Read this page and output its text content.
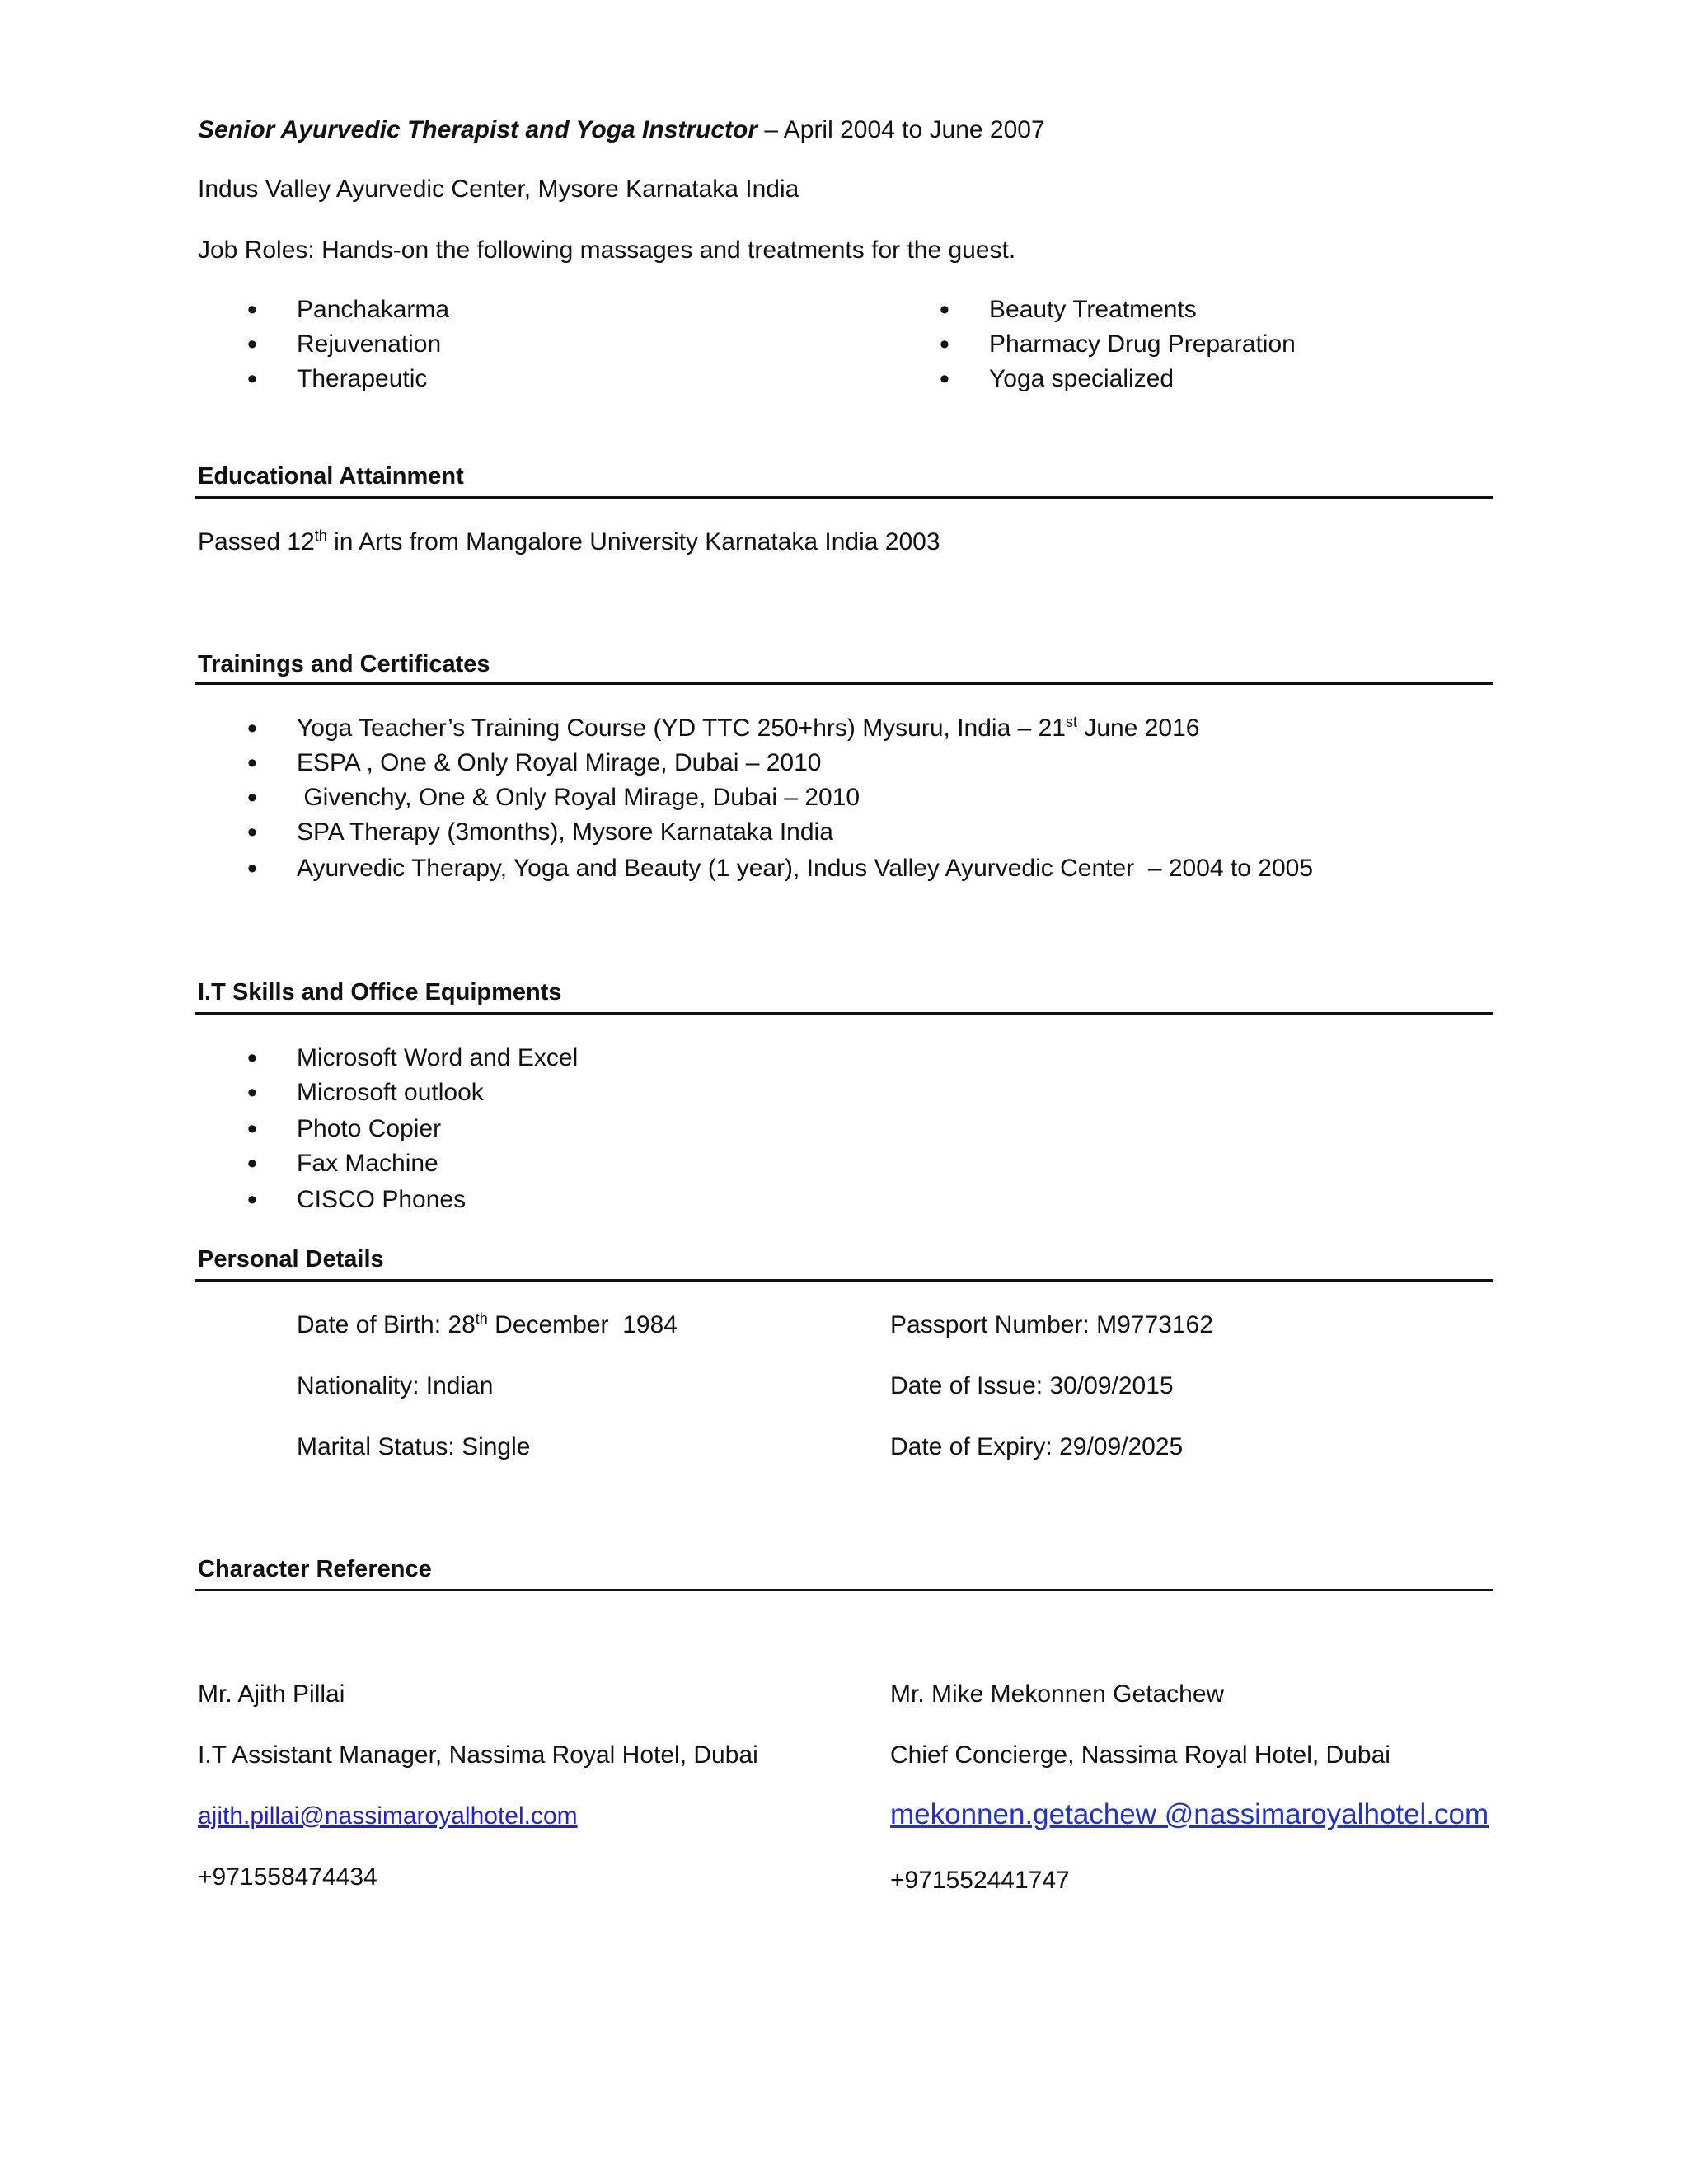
Senior Ayurvedic Therapist and Yoga Instructor – April 2004 to June 2007
Indus Valley Ayurvedic Center, Mysore Karnataka India
Job Roles: Hands-on the following massages and treatments for the guest.
•
Panchakarma
•
Rejuvenation
•
Therapeutic
•
Beauty Treatments
•
Pharmacy Drug Preparation
•
Yoga specialized
Educational Attainment
Passed 12th in Arts from Mangalore University Karnataka India 2003
Trainings and Certificates
•
Yoga Teacher’s Training Course (YD TTC 250+hrs) Mysuru, India – 21st June 2016
•
ESPA , One & Only Royal Mirage, Dubai – 2010
•
Givenchy, One & Only Royal Mirage, Dubai – 2010
•
SPA Therapy (3months), Mysore Karnataka India
•
Ayurvedic Therapy, Yoga and Beauty (1 year), Indus Valley Ayurvedic Center  – 2004 to 2005
I.T Skills and Office Equipments
•
Microsoft Word and Excel
•
Microsoft outlook
•
Photo Copier
•
Fax Machine
•
CISCO Phones
Personal Details
Date of Birth: 28th December  1984
Nationality: Indian
Marital Status: Single
Passport Number: M9773162
Date of Issue: 30/09/2015
Date of Expiry: 29/09/2025
Character Reference
Mr. Ajith Pillai
I.T Assistant Manager, Nassima Royal Hotel, Dubai
ajith.pillai@nassimaroyalhotel.com
+971558474434
Mr. Mike Mekonnen Getachew
Chief Concierge, Nassima Royal Hotel, Dubai
mekonnen.getachew @nassimaroyalhotel.com
+971552441747
